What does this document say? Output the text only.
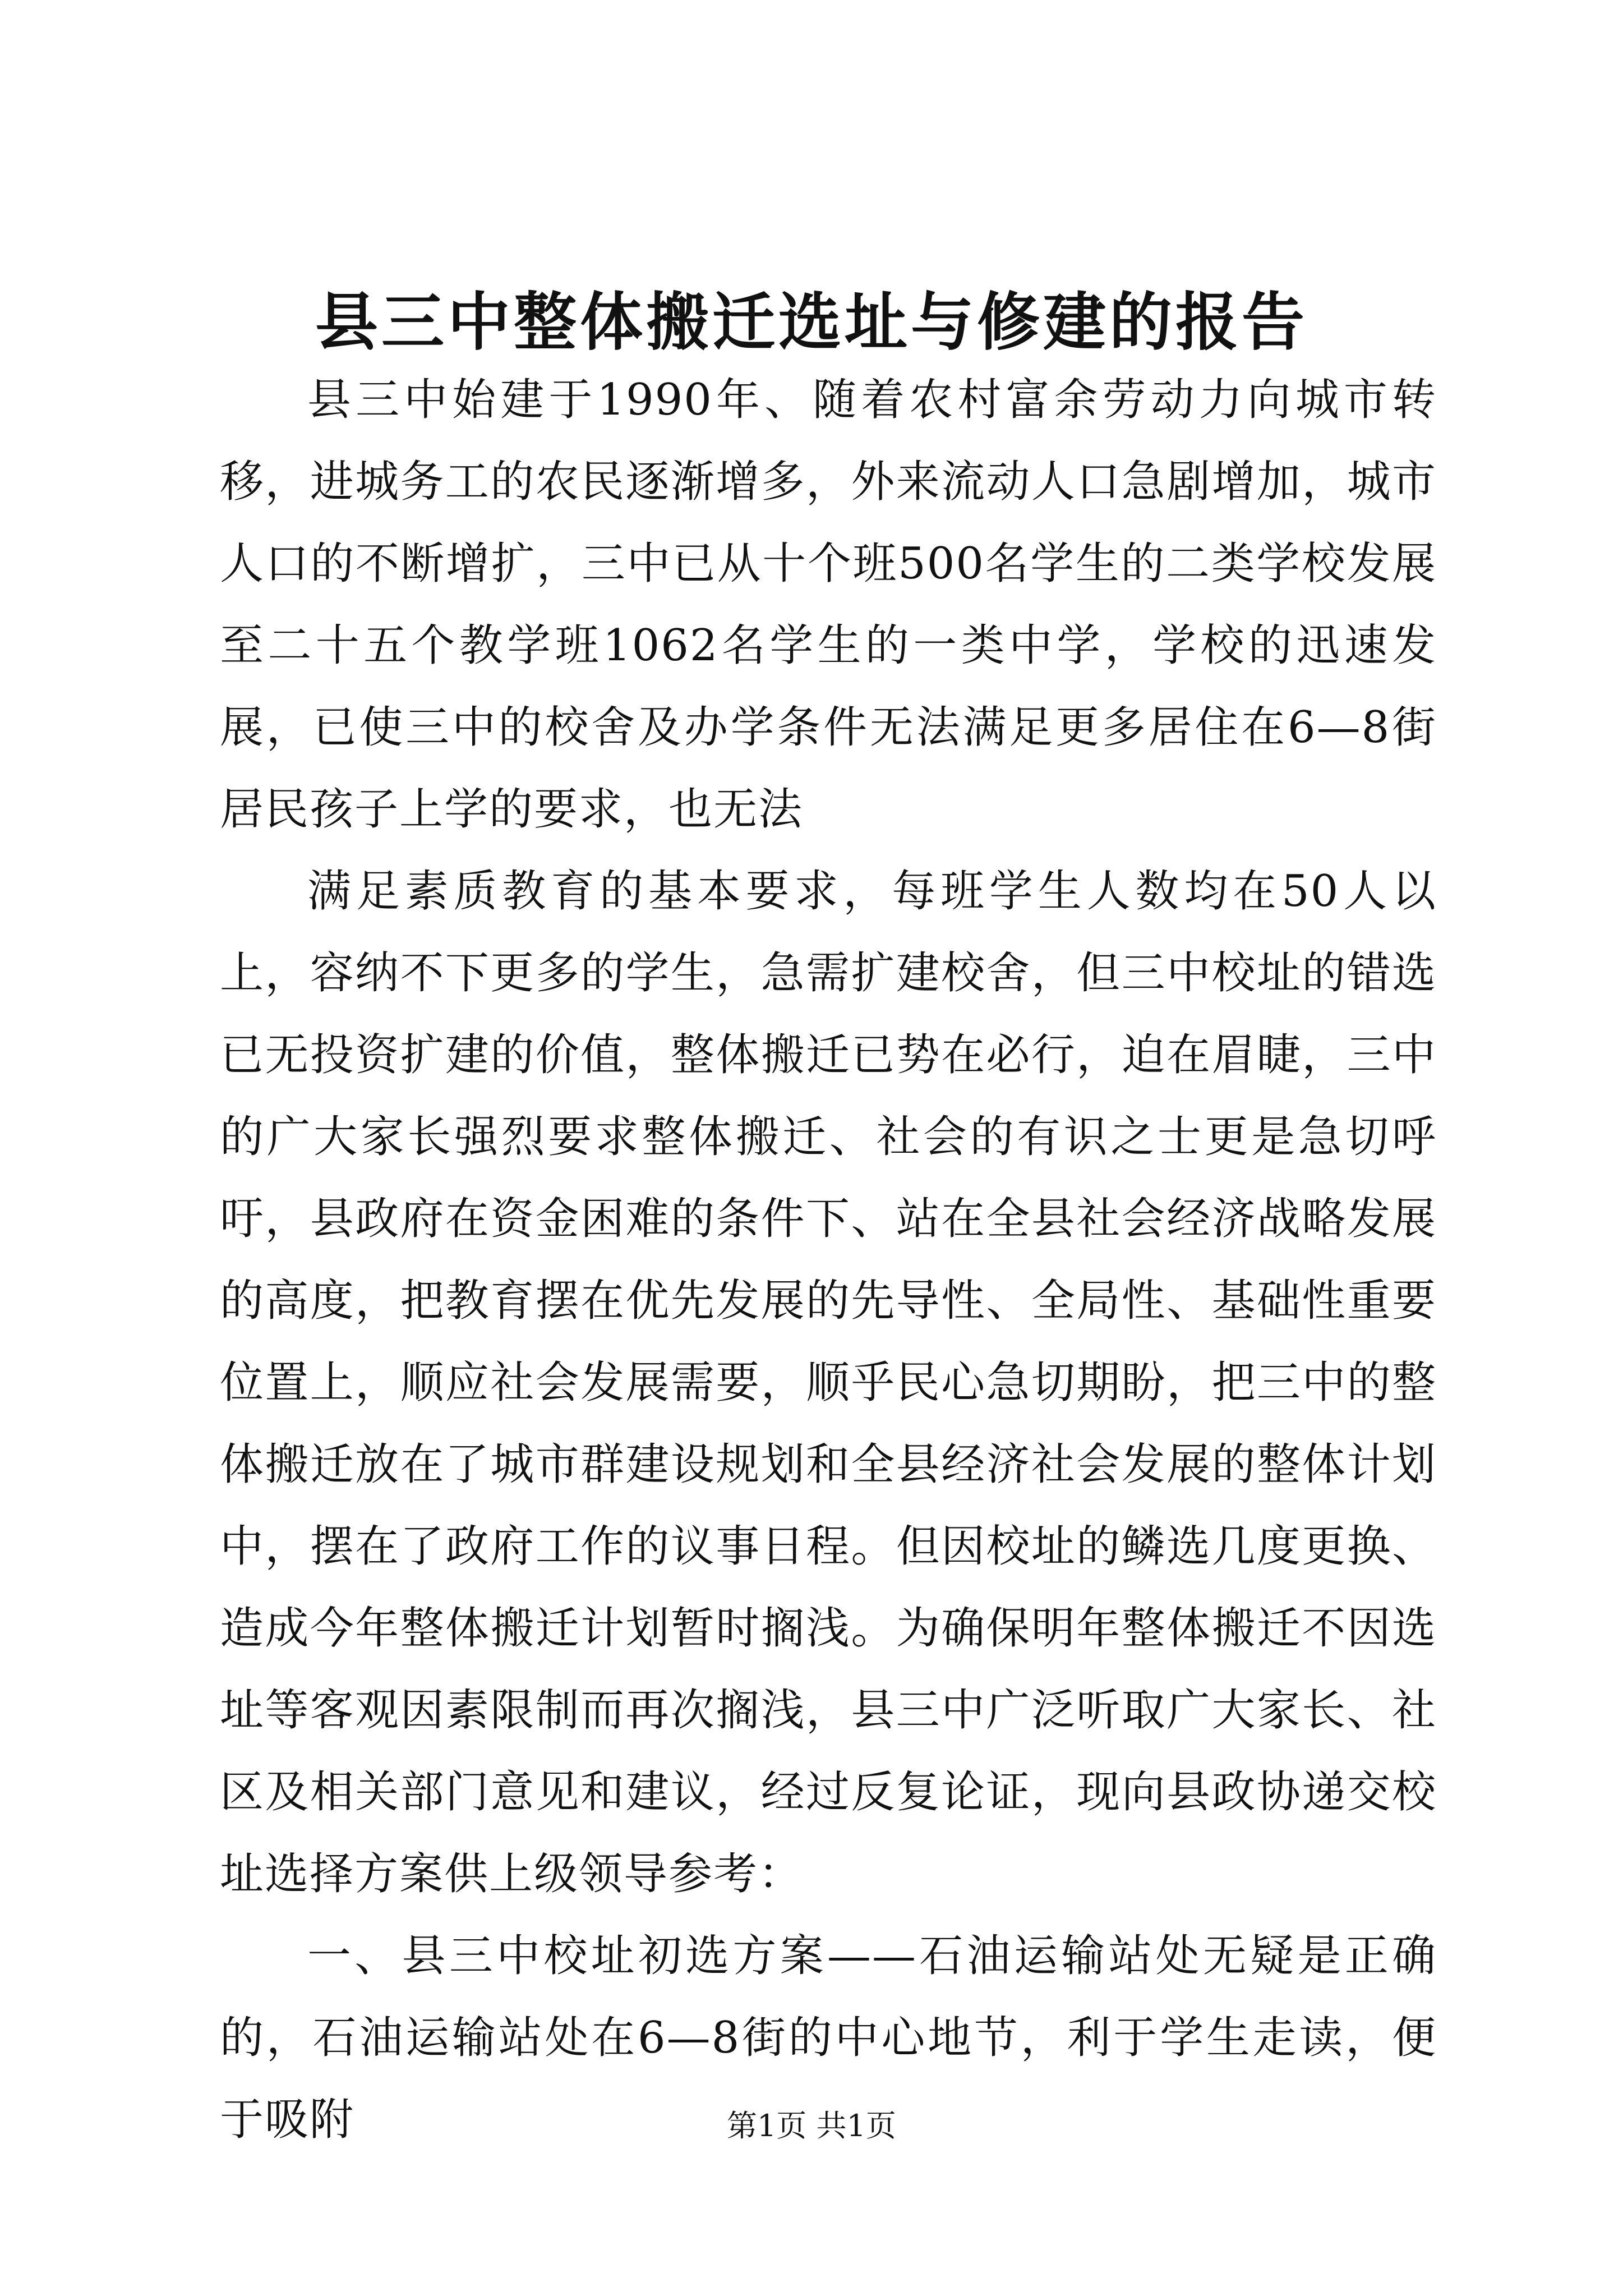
县三中整体搬迁选址与修建的报告

县三中始建于1990年、随着农村富余劳动力向城市转移，进城务工的农民逐渐增多，外来流动人口急剧增加，城市人口的不断增扩，三中已从十个班500名学生的二类学校发展至二十五个教学班1062名学生的一类中学，学校的迅速发展，已使三中的校舍及办学条件无法满足更多居住在6—8街居民孩子上学的要求，也无法

满足素质教育的基本要求，每班学生人数均在50人以上，容纳不下更多的学生，急需扩建校舍，但三中校址的错选已无投资扩建的价值，整体搬迁已势在必行，迫在眉睫，三中的广大家长强烈要求整体搬迁、社会的有识之士更是急切呼吁，县政府在资金困难的条件下、站在全县社会经济战略发展的高度，把教育摆在优先发展的先导性、全局性、基础性重要位置上，顺应社会发展需要，顺乎民心急切期盼，把三中的整体搬迁放在了城市群建设规划和全县经济社会发展的整体计划中，摆在了政府工作的议事日程。但因校址的鳞选几度更换、造成今年整体搬迁计划暂时搁浅。为确保明年整体搬迁不因选址等客观因素限制而再次搁浅，县三中广泛听取广大家长、社区及相关部门意见和建议，经过反复论证，现向县政协递交校址选择方案供上级领导参考：

一、县三中校址初选方案——石油运输站处无疑是正确的，石油运输站处在6—8街的中心地节，利于学生走读，便于吸附	第1页 共1页
